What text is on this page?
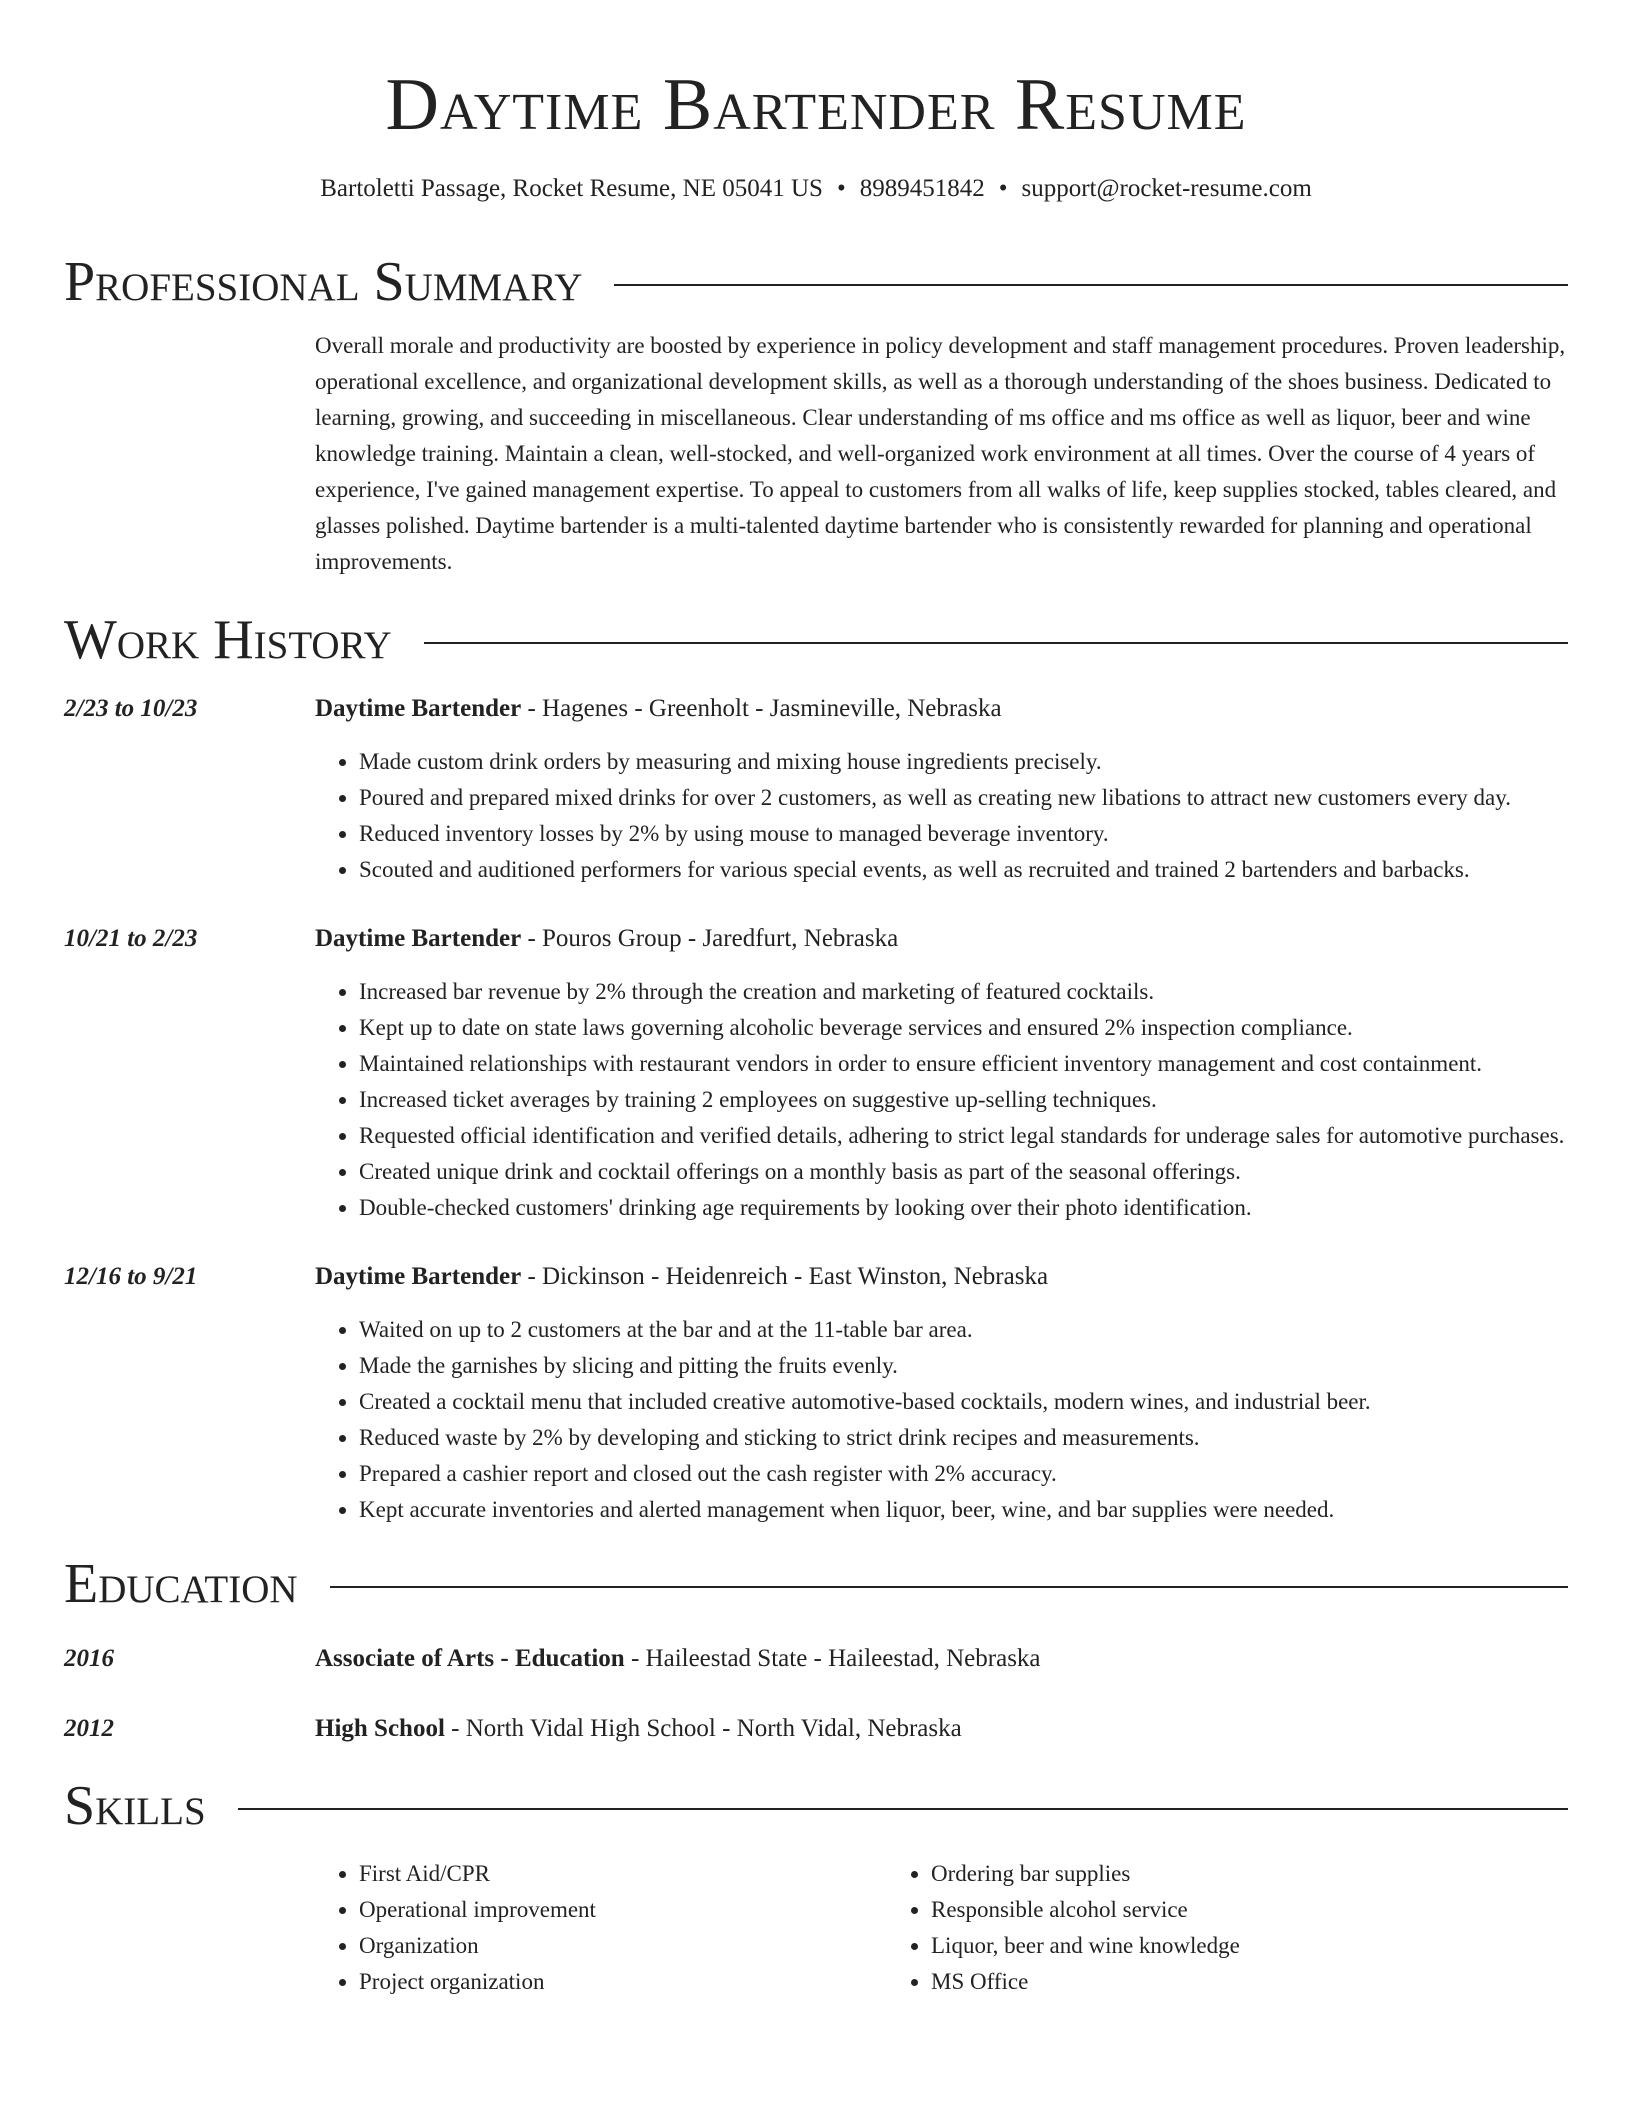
Daytime Bartender Resume
Bartoletti Passage, Rocket Resume, NE 05041 US • 8989451842 • support@rocket-resume.com
Professional Summary
Overall morale and productivity are boosted by experience in policy development and staff management procedures. Proven leadership, operational excellence, and organizational development skills, as well as a thorough understanding of the shoes business. Dedicated to learning, growing, and succeeding in miscellaneous. Clear understanding of ms office and ms office as well as liquor, beer and wine knowledge training. Maintain a clean, well-stocked, and well-organized work environment at all times. Over the course of 4 years of experience, I've gained management expertise. To appeal to customers from all walks of life, keep supplies stocked, tables cleared, and glasses polished. Daytime bartender is a multi-talented daytime bartender who is consistently rewarded for planning and operational improvements.
Work History
2/23 to 10/23	Daytime Bartender - Hagenes - Greenholt - Jasmineville, Nebraska
• Made custom drink orders by measuring and mixing house ingredients precisely.
• Poured and prepared mixed drinks for over 2 customers, as well as creating new libations to attract new customers every day.
• Reduced inventory losses by 2% by using mouse to managed beverage inventory.
• Scouted and auditioned performers for various special events, as well as recruited and trained 2 bartenders and barbacks.
10/21 to 2/23	Daytime Bartender - Pouros Group - Jaredfurt, Nebraska
• Increased bar revenue by 2% through the creation and marketing of featured cocktails.
• Kept up to date on state laws governing alcoholic beverage services and ensured 2% inspection compliance.
• Maintained relationships with restaurant vendors in order to ensure efficient inventory management and cost containment.
• Increased ticket averages by training 2 employees on suggestive up-selling techniques.
• Requested official identification and verified details, adhering to strict legal standards for underage sales for automotive purchases.
• Created unique drink and cocktail offerings on a monthly basis as part of the seasonal offerings.
• Double-checked customers' drinking age requirements by looking over their photo identification.
12/16 to 9/21	Daytime Bartender - Dickinson - Heidenreich - East Winston, Nebraska
• Waited on up to 2 customers at the bar and at the 11-table bar area.
• Made the garnishes by slicing and pitting the fruits evenly.
• Created a cocktail menu that included creative automotive-based cocktails, modern wines, and industrial beer.
• Reduced waste by 2% by developing and sticking to strict drink recipes and measurements.
• Prepared a cashier report and closed out the cash register with 2% accuracy.
• Kept accurate inventories and alerted management when liquor, beer, wine, and bar supplies were needed.
Education
2016	Associate of Arts - Education - Haileestad State - Haileestad, Nebraska
2012	High School - North Vidal High School - North Vidal, Nebraska
Skills
• First Aid/CPR
• Operational improvement
• Organization
• Project organization
• Ordering bar supplies
• Responsible alcohol service
• Liquor, beer and wine knowledge
• MS Office
